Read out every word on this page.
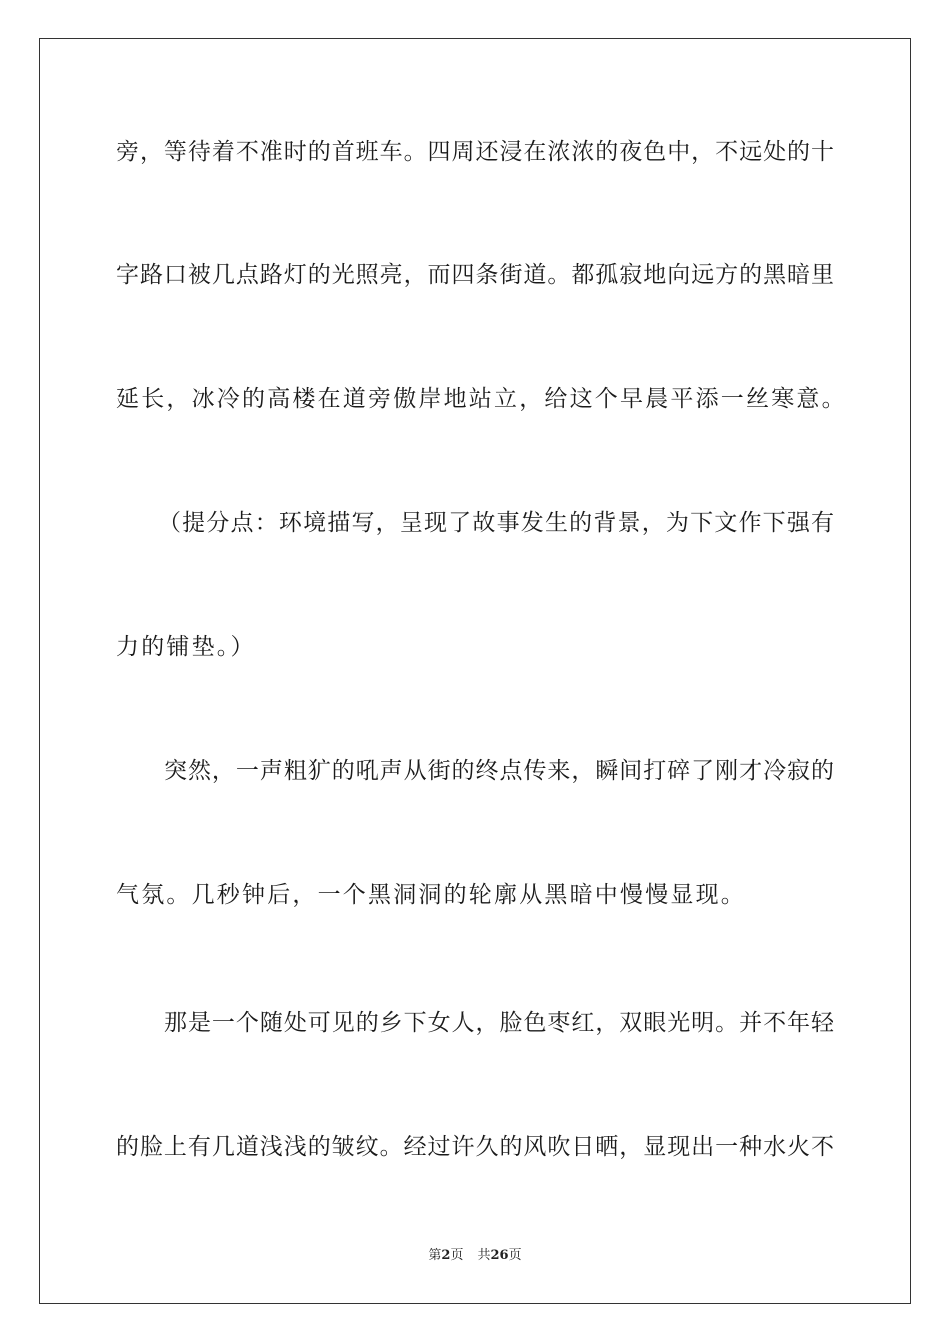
旁，等待着不准时的首班车。四周还浸在浓浓的夜色中，不远处的十
字路口被几点路灯的光照亮，而四条街道。都孤寂地向远方的黑暗里
延长，冰冷的高楼在道旁傲岸地站立，给这个早晨平添一丝寒意。
（提分点：环境描写，呈现了故事发生的背景，为下文作下强有
力的铺垫。）
突然，一声粗犷的吼声从街的终点传来，瞬间打碎了刚才冷寂的
气氛。几秒钟后，一个黑洞洞的轮廓从黑暗中慢慢显现。
那是一个随处可见的乡下女人，脸色枣红，双眼光明。并不年轻
的脸上有几道浅浅的皱纹。经过许久的风吹日晒，显现出一种水火不
第2页 共26页
